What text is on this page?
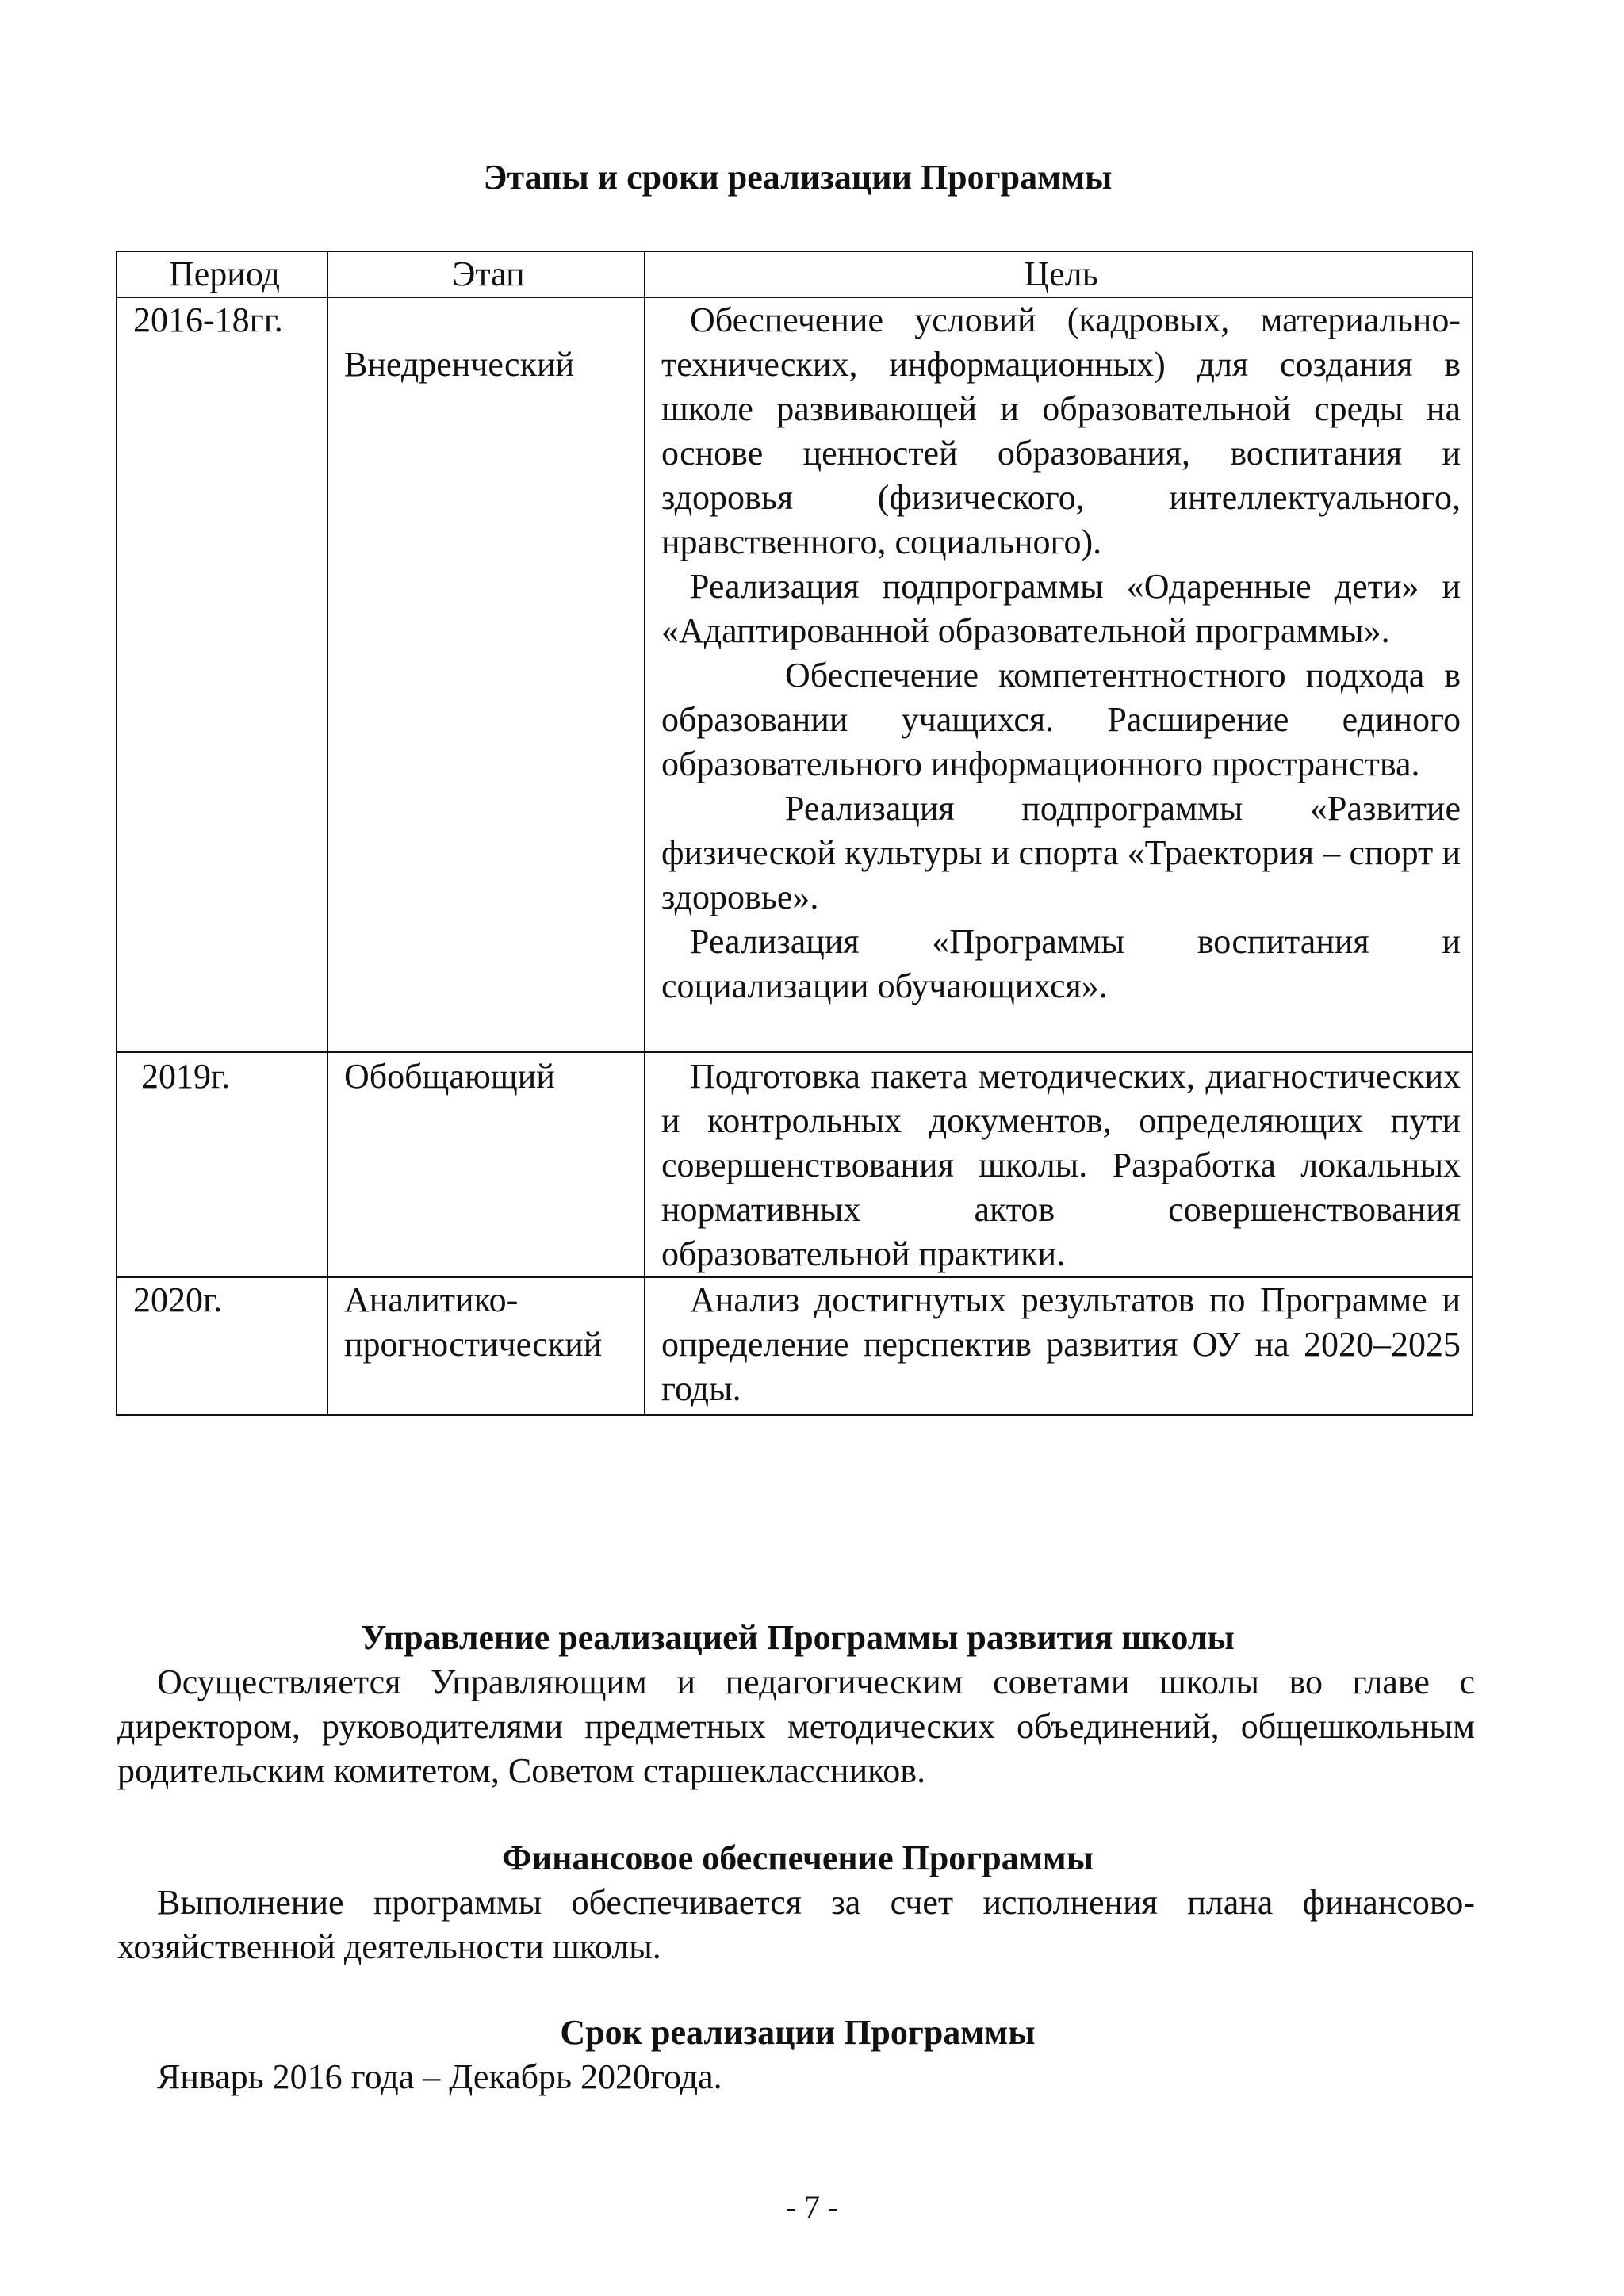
Этапы и сроки реализации Программы
Период	Этап	Цель
2016-18гг.	Внедренческий	Обеспечение условий (кадровых, материально-технических, информационных) для создания в школе развивающей и образовательной среды на основе ценностей образования, воспитания и здоровья (физического, интеллектуального, нравственного, социального).

Реализация подпрограммы «Одаренные дети» и «Адаптированной образовательной программы».

Обеспечение компетентностного подхода в образовании учащихся. Расширение единого образовательного информационного пространства.

Реализация подпрограммы «Развитие физической культуры и спорта «Траектория – спорт и здоровье».

Реализация «Программы воспитания и социализации обучающихся».

2019г.	Обобщающий	Подготовка пакета методических, диагностических и контрольных документов, определяющих пути совершенствования школы. Разработка локальных нормативных актов совершенствования образовательной практики.

2020г.	Аналитико-прогностический	Анализ достигнутых результатов по Программе и определение перспектив развития ОУ на 2020–2025 годы.

Управление реализацией Программы развития школы

Осуществляется Управляющим и педагогическим советами школы во главе с директором, руководителями предметных методических объединений, общешкольным родительским комитетом, Советом старшеклассников.

Финансовое обеспечение Программы

Выполнение программы обеспечивается за счет исполнения плана финансово-хозяйственной деятельности школы.

Срок реализации Программы

Январь 2016 года – Декабрь 2020года.

- 7 -
